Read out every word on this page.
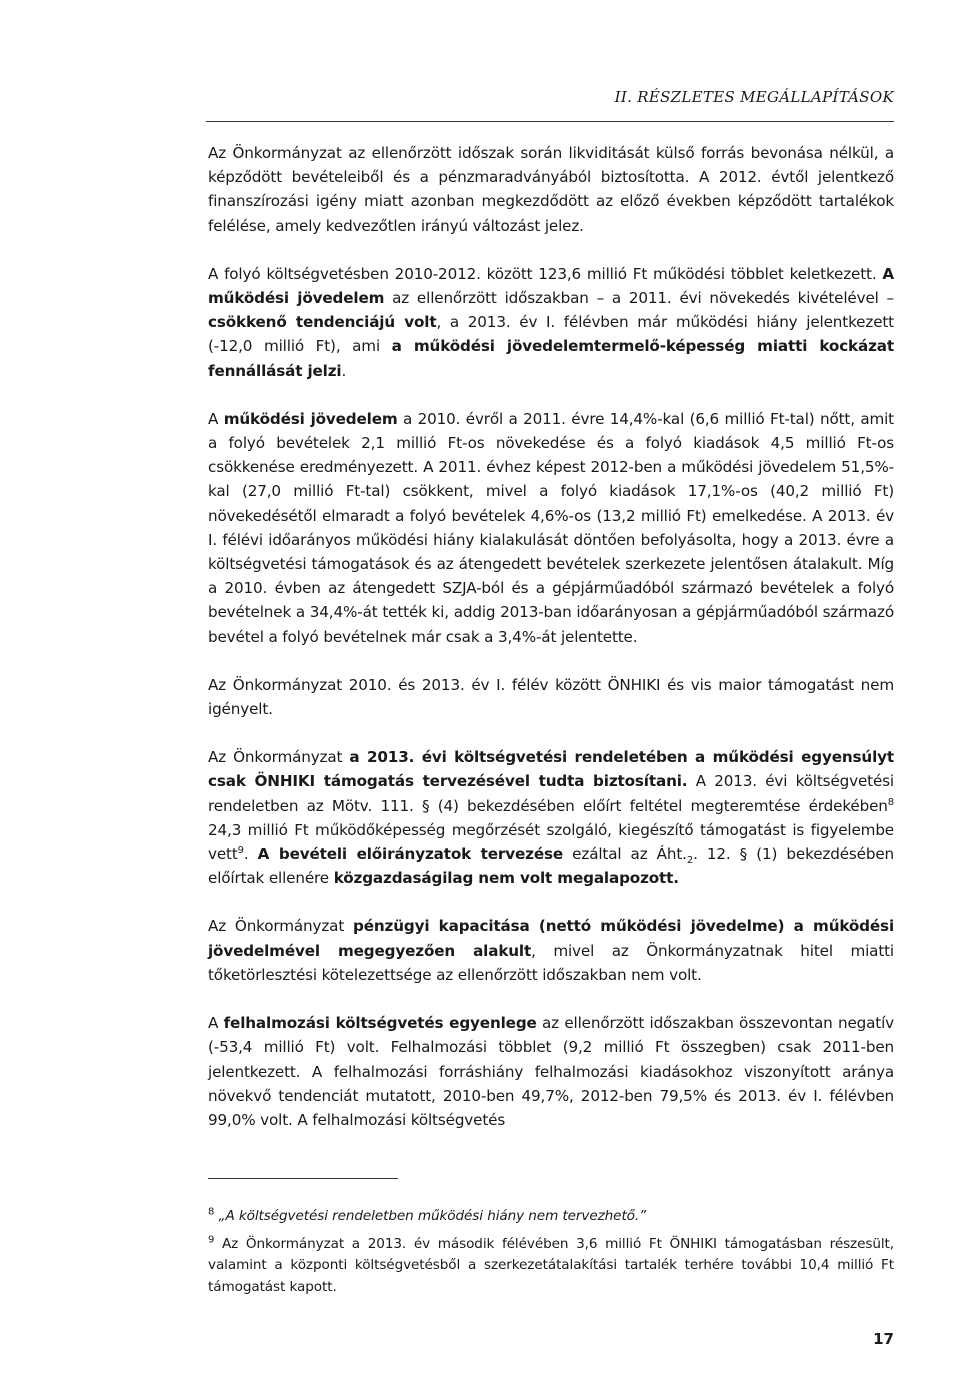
II. RÉSZLETES MEGÁLLAPÍTÁSOK

Az Önkormányzat az ellenőrzött időszak során likviditását külső forrás bevonása nélkül, a képződött bevételeiből és a pénzmaradványából biztosította. A 2012. évtől jelentkező finanszírozási igény miatt azonban megkezdődött az előző években képződött tartalékok felélése, amely kedvezőtlen irányú változást jelez.

A folyó költségvetésben 2010-2012. között 123,6 millió Ft működési többlet keletkezett. A működési jövedelem az ellenőrzött időszakban – a 2011. évi növekedés kivételével – csökkenő tendenciájú volt, a 2013. év I. félévben már működési hiány jelentkezett (-12,0 millió Ft), ami a működési jövedelemtermelő-képesség miatti kockázat fennállását jelzi.

A működési jövedelem a 2010. évről a 2011. évre 14,4%-kal (6,6 millió Ft-tal) nőtt, amit a folyó bevételek 2,1 millió Ft-os növekedése és a folyó kiadások 4,5 millió Ft-os csökkenése eredményezett. A 2011. évhez képest 2012-ben a működési jövedelem 51,5%-kal (27,0 millió Ft-tal) csökkent, mivel a folyó kiadások 17,1%-os (40,2 millió Ft) növekedésétől elmaradt a folyó bevételek 4,6%-os (13,2 millió Ft) emelkedése. A 2013. év I. félévi időarányos működési hiány kialakulását döntően befolyásolta, hogy a 2013. évre a költségvetési támogatások és az átengedett bevételek szerkezete jelentősen átalakult. Míg a 2010. évben az átengedett SZJA-ból és a gépjárműadóból származó bevételek a folyó bevételnek a 34,4%-át tették ki, addig 2013-ban időarányosan a gépjárműadóból származó bevétel a folyó bevételnek már csak a 3,4%-át jelentette.

Az Önkormányzat 2010. és 2013. év I. félév között ÖNHIKI és vis maior támogatást nem igényelt.

Az Önkormányzat a 2013. évi költségvetési rendeletében a működési egyensúlyt csak ÖNHIKI támogatás tervezésével tudta biztosítani. A 2013. évi költségvetési rendeletben az Mötv. 111. § (4) bekezdésében előírt feltétel megteremtése érdekében$^8$ 24,3 millió Ft működőképesség megőrzését szolgáló, kiegészítő támogatást is figyelembe vett$^9$. A bevételi előirányzatok tervezése ezáltal az $Áht._2$. 12. § (1) bekezdésében előírtak ellenére közgazdaságilag nem volt megalapozott.

Az Önkormányzat pénzügyi kapacitása (nettó működési jövedelme) a működési jövedelmével megegyezően alakult, mivel az Önkormányzatnak hitel miatti tőketörlesztési kötelezettsége az ellenőrzött időszakban nem volt.

A felhalmozási költségvetés egyenlege az ellenőrzött időszakban összevontan negatív (-53,4 millió Ft) volt. Felhalmozási többlet (9,2 millió Ft összegben) csak 2011-ben jelentkezett. A felhalmozási forráshiány felhalmozási kiadásokhoz viszonyított aránya növekvő tendenciát mutatott, 2010-ben 49,7%, 2012-ben 79,5% és 2013. év I. félévben 99,0% volt. A felhalmozási költségvetés

$^8$ „A költségvetési rendeletben működési hiány nem tervezhető.”

$^9$ Az Önkormányzat a 2013. év második félévében 3,6 millió Ft ÖNHIKI támogatásban részesült, valamint a központi költségvetésből a szerkezetátalakítási tartalék terhére további 10,4 millió Ft támogatást kapott.

17
